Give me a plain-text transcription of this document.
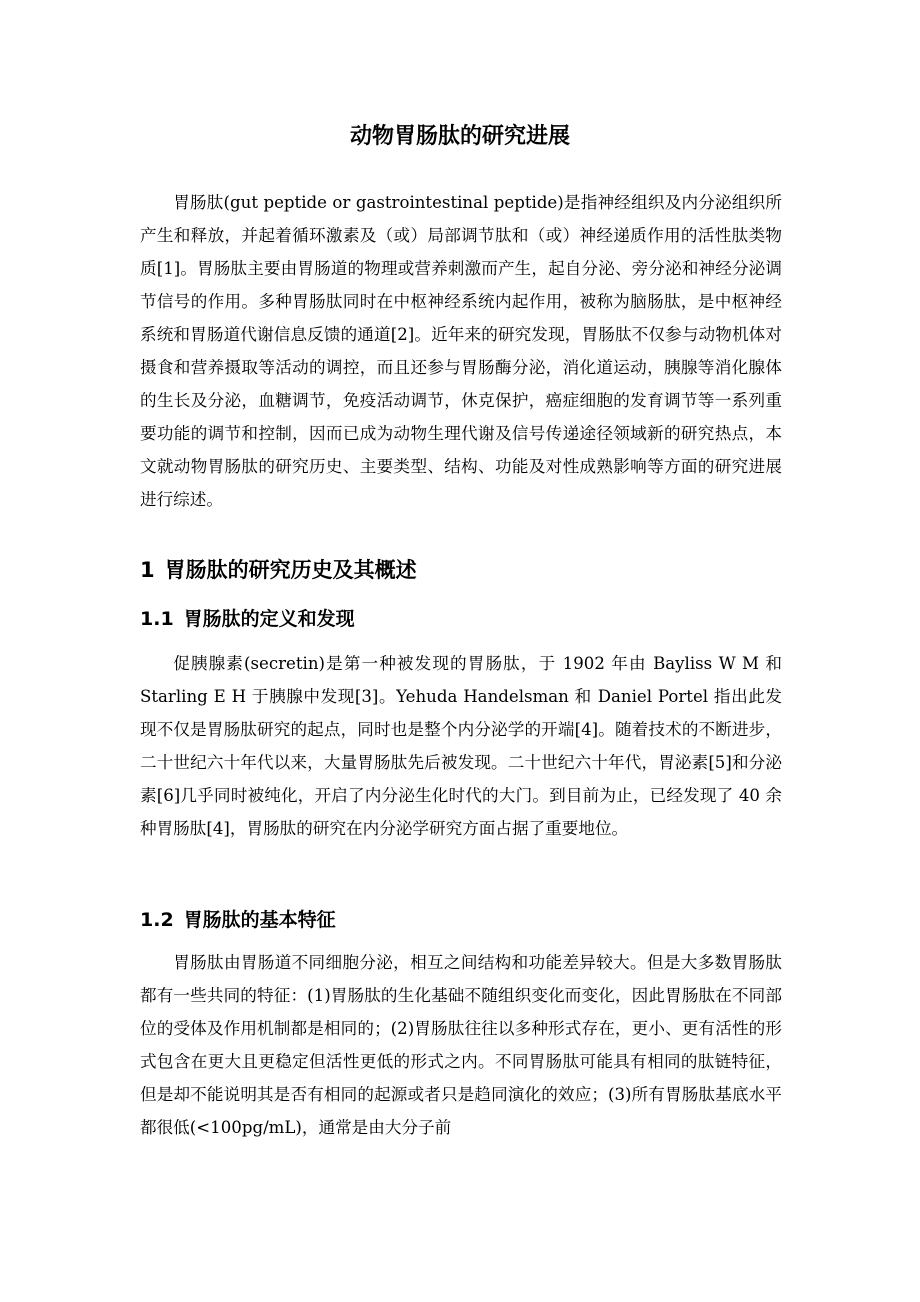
动物胃肠肽的研究进展

胃肠肽(gut peptide or gastrointestinal peptide)是指神经组织及内分泌组织所产生和释放，并起着循环激素及（或）局部调节肽和（或）神经递质作用的活性肽类物质[1]。胃肠肽主要由胃肠道的物理或营养刺激而产生，起自分泌、旁分泌和神经分泌调节信号的作用。多种胃肠肽同时在中枢神经系统内起作用，被称为脑肠肽，是中枢神经系统和胃肠道代谢信息反馈的通道[2]。近年来的研究发现，胃肠肽不仅参与动物机体对摄食和营养摄取等活动的调控，而且还参与胃肠酶分泌，消化道运动，胰腺等消化腺体的生长及分泌，血糖调节，免疫活动调节，休克保护，癌症细胞的发育调节等一系列重要功能的调节和控制，因而已成为动物生理代谢及信号传递途径领域新的研究热点，本文就动物胃肠肽的研究历史、主要类型、结构、功能及对性成熟影响等方面的研究进展进行综述。

1 胃肠肽的研究历史及其概述
1.1 胃肠肽的定义和发现

促胰腺素(secretin)是第一种被发现的胃肠肽，于 1902 年由 Bayliss W M 和 Starling E H 于胰腺中发现[3]。Yehuda Handelsman 和 Daniel Portel 指出此发现不仅是胃肠肽研究的起点，同时也是整个内分泌学的开端[4]。随着技术的不断进步，二十世纪六十年代以来，大量胃肠肽先后被发现。二十世纪六十年代，胃泌素[5]和分泌素[6]几乎同时被纯化，开启了内分泌生化时代的大门。到目前为止，已经发现了 40 余种胃肠肽[4]，胃肠肽的研究在内分泌学研究方面占据了重要地位。

1.2 胃肠肽的基本特征

胃肠肽由胃肠道不同细胞分泌，相互之间结构和功能差异较大。但是大多数胃肠肽都有一些共同的特征：(1)胃肠肽的生化基础不随组织变化而变化，因此胃肠肽在不同部位的受体及作用机制都是相同的；(2)胃肠肽往往以多种形式存在，更小、更有活性的形式包含在更大且更稳定但活性更低的形式之内。不同胃肠肽可能具有相同的肽链特征，但是却不能说明其是否有相同的起源或者只是趋同演化的效应；(3)所有胃肠肽基底水平都很低(<100pg/mL)，通常是由大分子前
